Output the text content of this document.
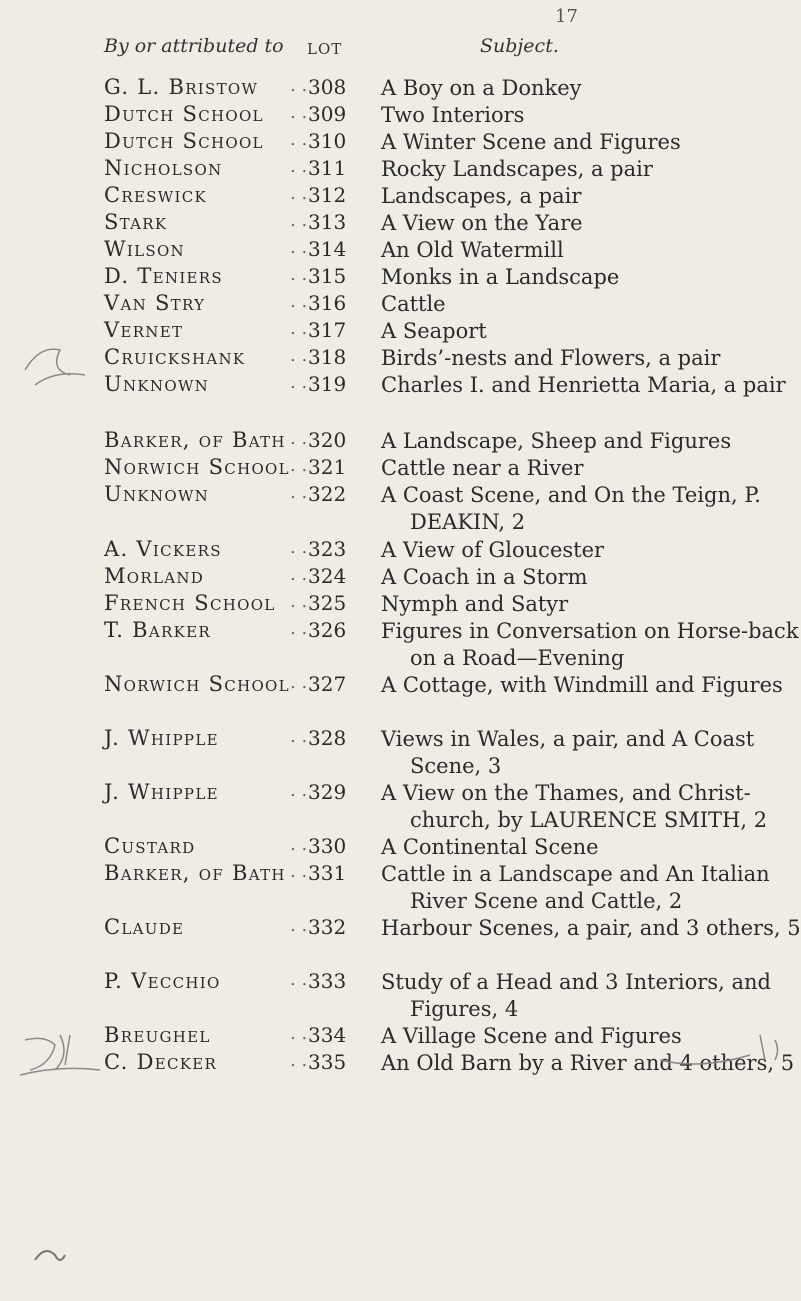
17
By or attributed to LOT	Subject.
G. L. Bristow . . 308 A Boy on a Donkey
Dutch School . . 309 Two Interiors
Dutch School . . 310 A Winter Scene and Figures
Nicholson	. . 311 Rocky Landscapes, a pair
Creswick	. . 312 Landscapes, a pair
Stark	. . 313 A View on the Yare
Wilson	. . 314 An Old Watermill
D. Teniers	. . 315 Monks in a Landscape
Van Stry	. . 316 Cattle
Vernet	. . 317 A Seaport
Cruickshank . . 318 Birds’-nests and Flowers, a pair
Unknown	. . 319 Charles I. and Henrietta Maria, a pair
Barker, of Bath . . 320 A Landscape, Sheep and Figures
Norwich School . . 321 Cattle near a River
Unknown	. . 322 A Coast Scene, and On the Teign, P. DEAKIN, 2
A. Vickers	. . 323 A View of Gloucester
Morland	. . 324 A Coach in a Storm
French School . . 325 Nymph and Satyr
T. Barker	. . 326 Figures in Conversation on Horse-back on a Road—Evening
Norwich School . . 327 A Cottage, with Windmill and Figures
J. Whipple	. . 328 Views in Wales, a pair, and A Coast Scene, 3
J. Whipple	. . 329 A View on the Thames, and Christ-church, by LAURENCE SMITH, 2
Custard	. . 330 A Continental Scene
Barker, of Bath . . 331 Cattle in a Landscape and An Italian River Scene and Cattle, 2
Claude	. . 332 Harbour Scenes, a pair, and 3 others, 5
P. Vecchio	. . 333 Study of a Head and 3 Interiors, and Figures, 4
Breughel	. . 334 A Village Scene and Figures
C. Decker	. . 335 An Old Barn by a River and 4 others, 5
